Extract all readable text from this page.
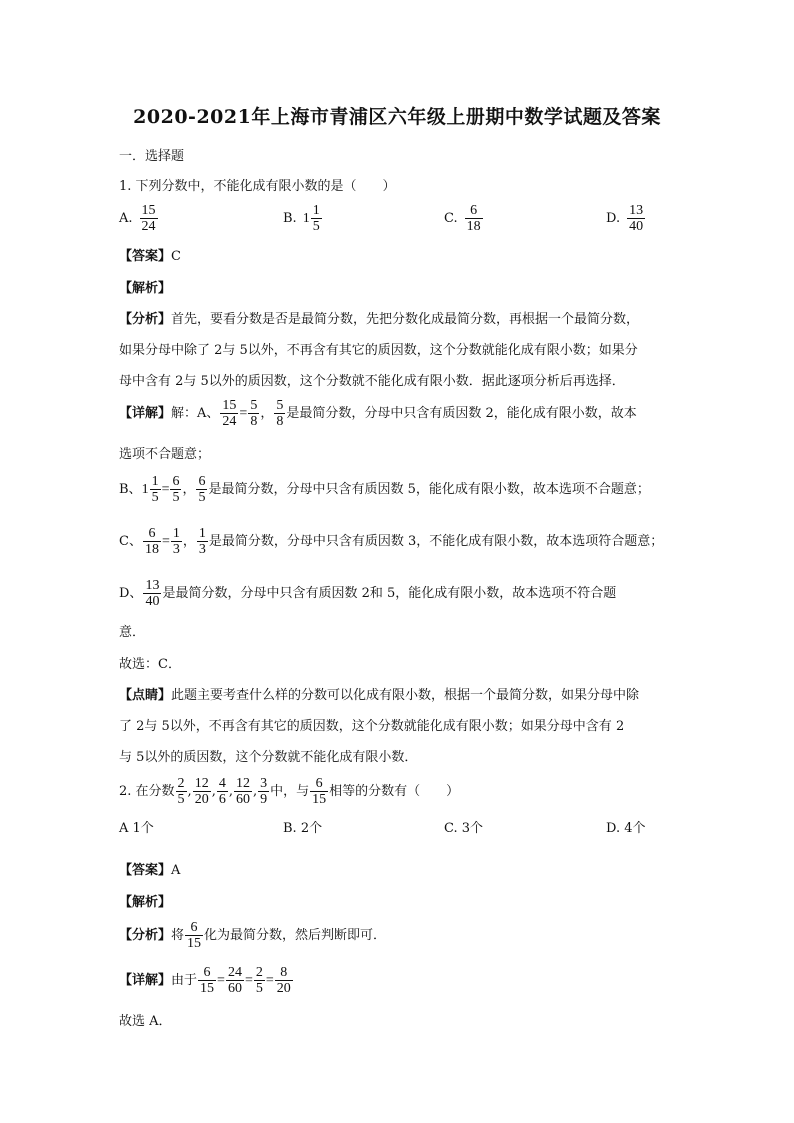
2020-2021年上海市青浦区六年级上册期中数学试题及答案
一．选择题
1. 下列分数中，不能化成有限小数的是（　　）
A. $\frac{15}{24}$	B. $1 \frac{1}{5}$	C. $\frac{6}{18}$	D. $\frac{13}{40}$
【答案】C
【解析】
【分析】首先，要看分数是否是最简分数，先把分数化成最简分数，再根据一个最简分数，
如果分母中除了 2与 5以外，不再含有其它的质因数，这个分数就能化成有限小数；如果分
母中含有 2与 5以外的质因数，这个分数就不能化成有限小数．据此逐项分析后再选择．
【详解】 解：A、 $\frac{15}{24} = \frac{5}{8}$ ， $\frac{5}{8}$ 是最简分数，分母中只含有质因数 2，能化成有限小数，故本
选项不合题意；
B、 $1 \frac{1}{5} = \frac{6}{5}$ ， $\frac{6}{5}$ 是最简分数，分母中只含有质因数 5，能化成有限小数，故本选项不合题意；
C、 $\frac{6}{18} = \frac{1}{3}$ ， $\frac{1}{3}$ 是最简分数，分母中只含有质因数 3，不能化成有限小数，故本选项符合题意；
D、 $\frac{13}{40}$ 是最简分数，分母中只含有质因数 2和 5，能化成有限小数，故本选项不符合题
意．
故选：C．
【点睛】此题主要考查什么样的分数可以化成有限小数，根据一个最简分数，如果分母中除
了 2与 5以外，不再含有其它的质因数，这个分数就能化成有限小数；如果分母中含有 2
与 5以外的质因数，这个分数就不能化成有限小数．
2. 在分数 $\frac{2}{5}$ , $\frac{12}{20}$ , $\frac{4}{6}$ , $\frac{12}{60}$ , $\frac{3}{9}$ 中，与 $\frac{6}{15}$ 相等的分数有（　　）
A 1个	B. 2个	C. 3个	D. 4个
【答案】A
【解析】
【分析】 将 $\frac{6}{15}$ 化为最简分数，然后判断即可．
【详解】 由于 $\frac{6}{15} = \frac{24}{60} = \frac{2}{5} = \frac{8}{20}$
故选 A．
